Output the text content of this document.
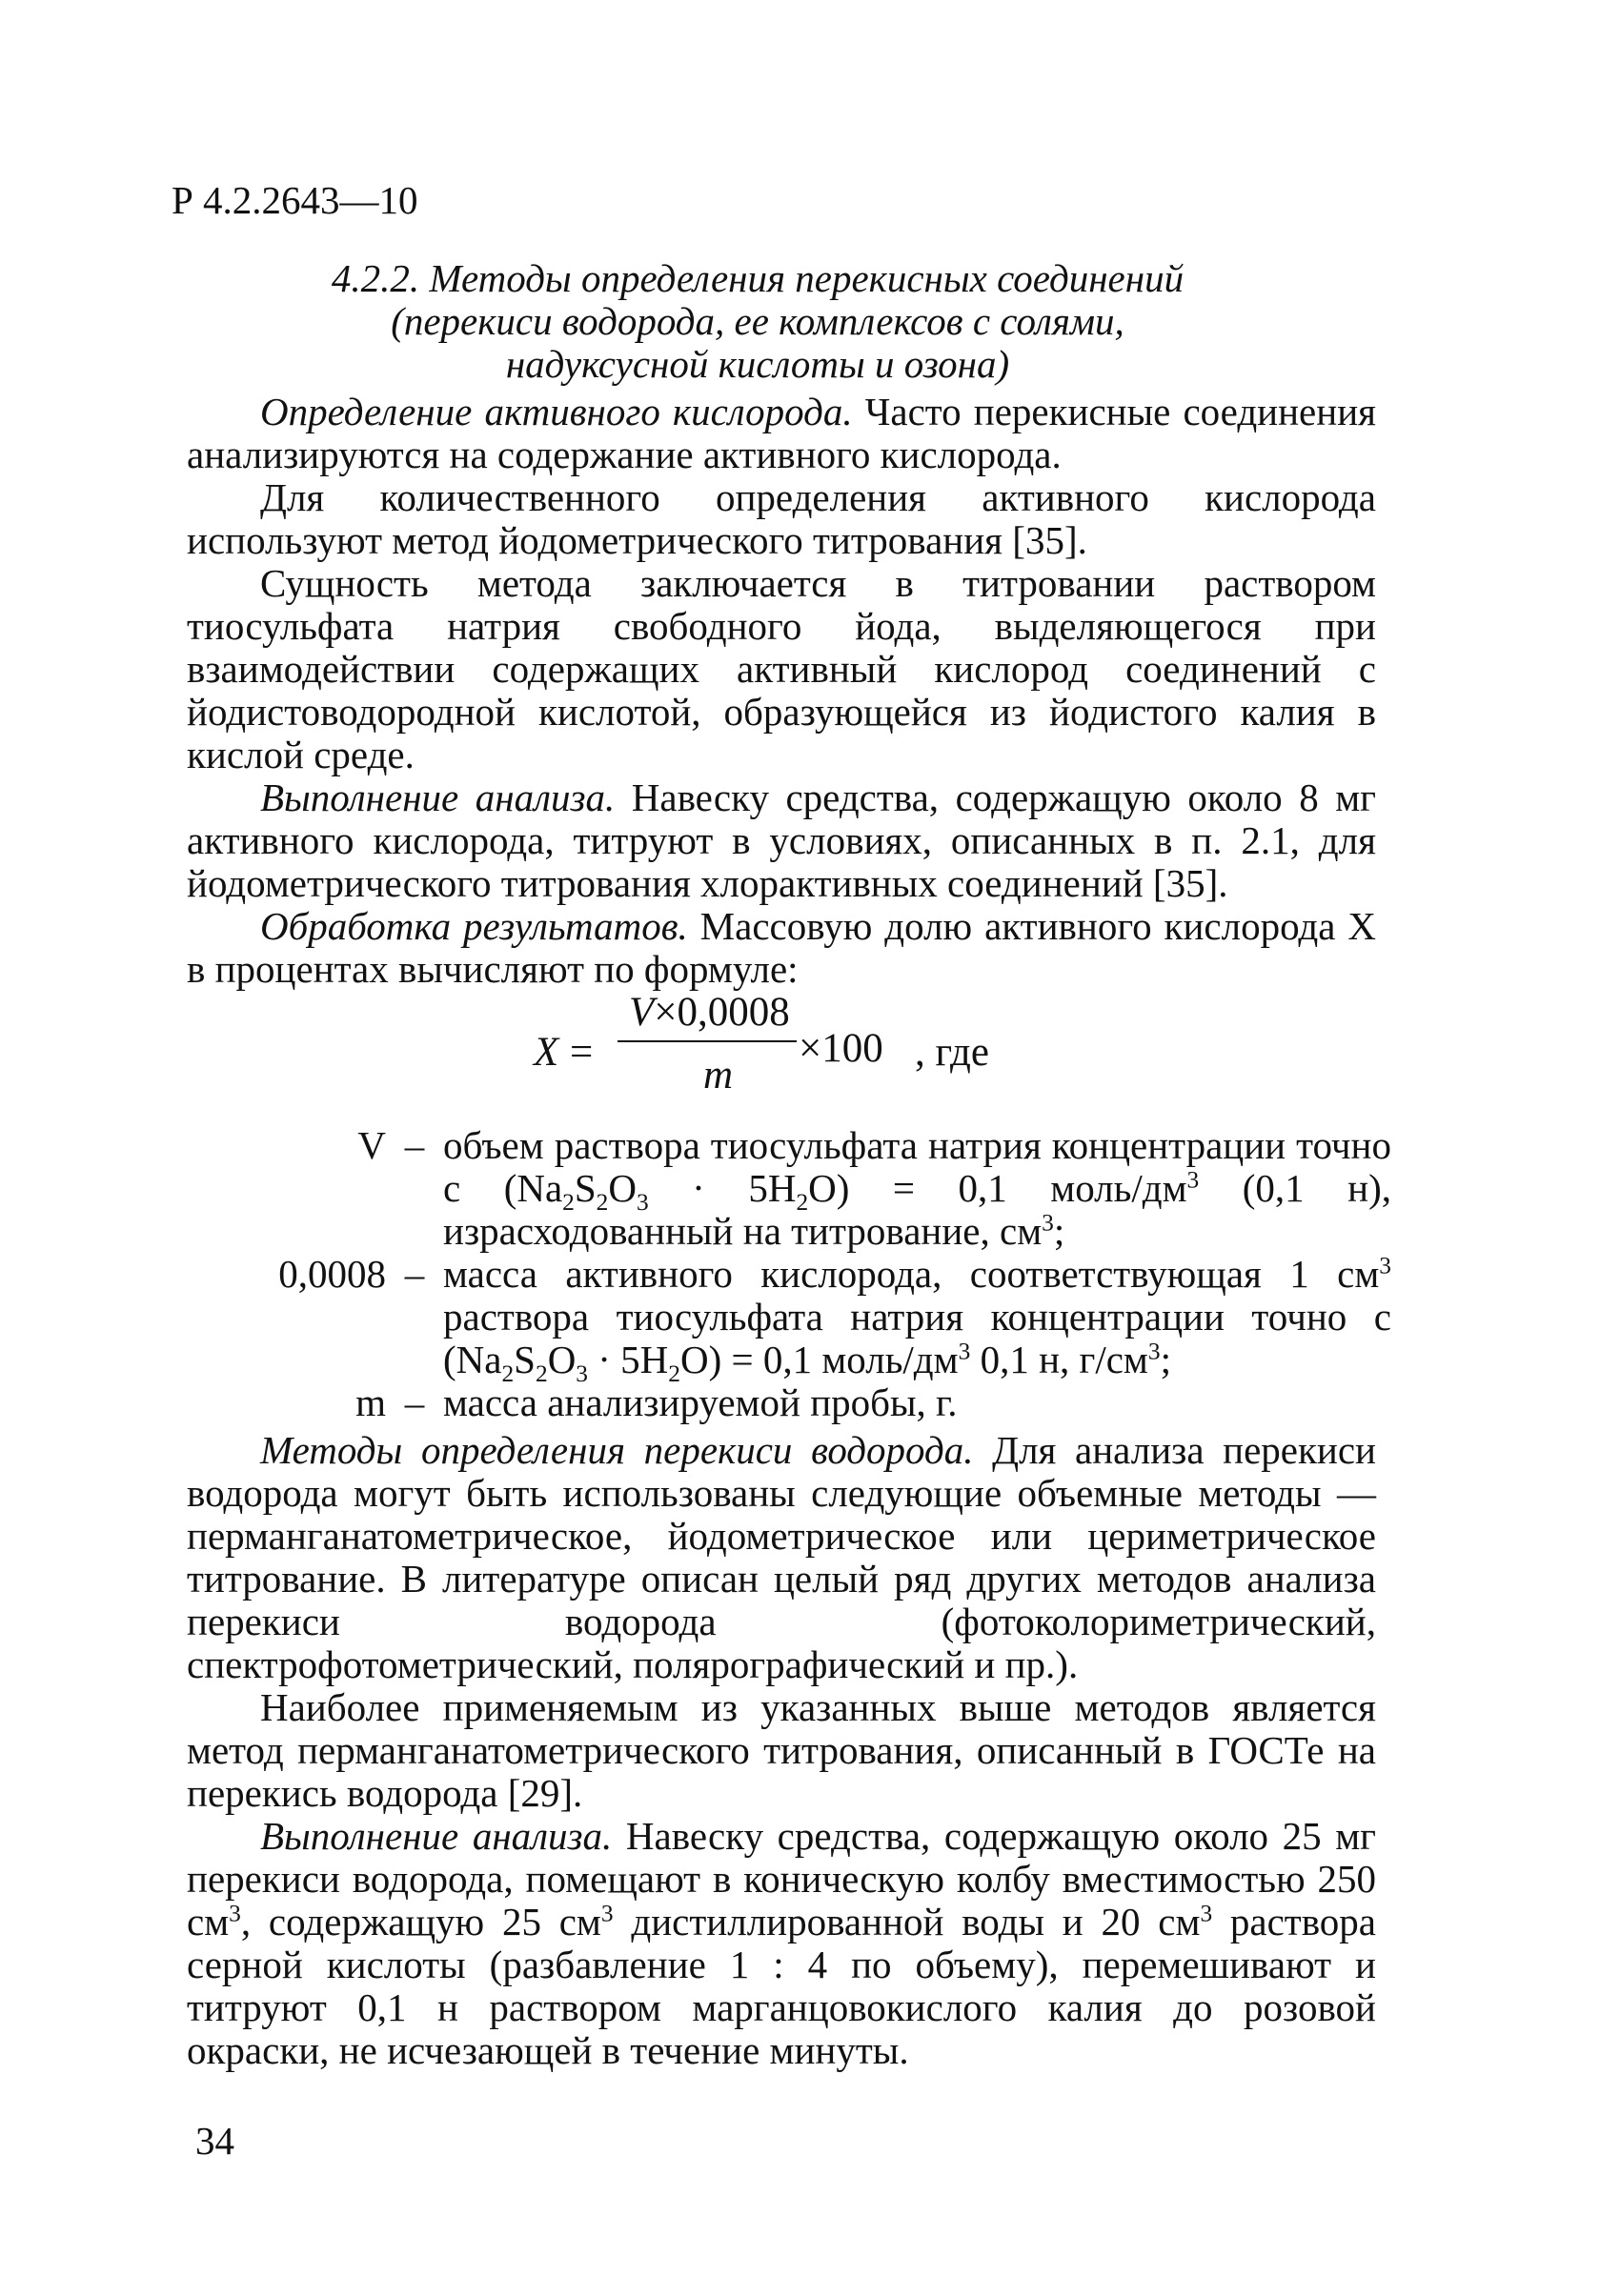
Р 4.2.2643—10
4.2.2. Методы определения перекисных соединений
(перекиси водорода, ее комплексов с солями,
надуксусной кислоты и озона)

Определение активного кислорода. Часто перекисные соединения анализируются на содержание активного кислорода.

Для количественного определения активного кислорода используют метод йодометрического титрования [35].

Сущность метода заключается в титровании раствором тиосульфата натрия свободного йода, выделяющегося при взаимодействии содержащих активный кислород соединений с йодистоводородной кислотой, образующейся из йодистого калия в кислой среде.

Выполнение анализа. Навеску средства, содержащую около 8 мг активного кислорода, титруют в условиях, описанных в п. 2.1, для йодометрического титрования хлорактивных соединений [35].

Обработка результатов. Массовую долю активного кислорода Х в процентах вычисляют по формуле:

X =
V×0,0008
m
×100 , где
V – объем раствора тиосульфата натрия концентрации точно с $(Na_2S_2O_3 \cdot 5H_2O) = 0,1$ моль/$дм^3$ (0,1 н), израсходованный на титрование, $см^3$;
0,0008 – масса активного кислорода, соответствующая 1 $см^3$ раствора тиосульфата натрия концентрации точно с $(Na_2S_2O_3 \cdot 5H_2O) = 0,1$ моль/$дм^3$ 0,1 н, $г/см^3$;
m – масса анализируемой пробы, г.

Методы определения перекиси водорода. Для анализа перекиси водорода могут быть использованы следующие объемные методы — перманганатометрическое, йодометрическое или цериметрическое титрование. В литературе описан целый ряд других методов анализа перекиси водорода (фотоколориметрический, спектрофотометрический, полярографический и пр.).

Наиболее применяемым из указанных выше методов является метод перманганатометрического титрования, описанный в ГОСТе на перекись водорода [29].

Выполнение анализа. Навеску средства, содержащую около 25 мг перекиси водорода, помещают в коническую колбу вместимостью 250 $см^3$, содержащую 25 $см^3$ дистиллированной воды и 20 $см^3$ раствора серной кислоты (разбавление 1 : 4 по объему), перемешивают и титруют 0,1 н раствором марганцовокислого калия до розовой окраски, не исчезающей в течение минуты.

34
